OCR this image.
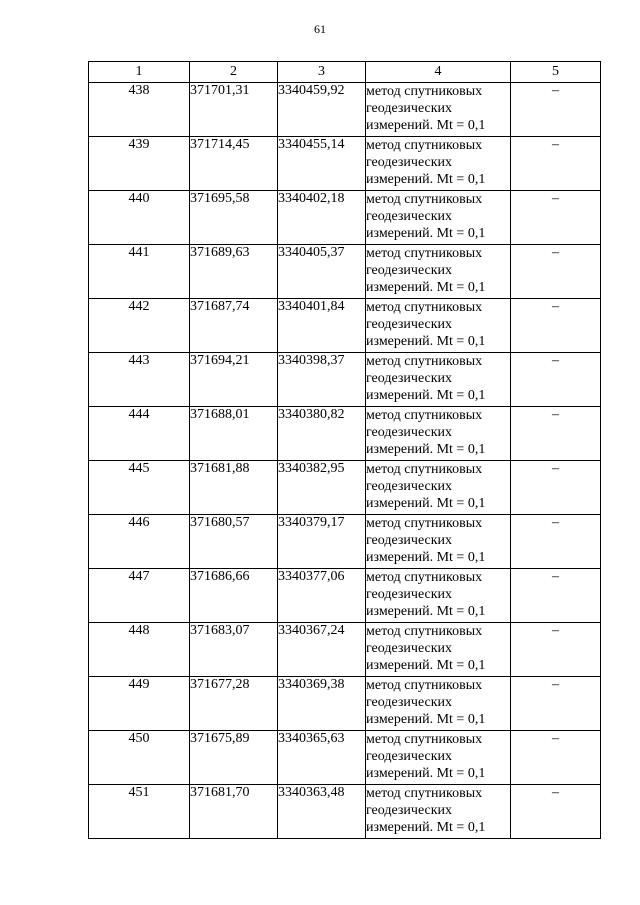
61
1	2	3	4	5
438	371701,31	3340459,92	метод спутниковых
геодезических
измерений. Mt = 0,1	–
439	371714,45	3340455,14	метод спутниковых
геодезических
измерений. Mt = 0,1	–
440	371695,58	3340402,18	метод спутниковых
геодезических
измерений. Mt = 0,1	–
441	371689,63	3340405,37	метод спутниковых
геодезических
измерений. Mt = 0,1	–
442	371687,74	3340401,84	метод спутниковых
геодезических
измерений. Mt = 0,1	–
443	371694,21	3340398,37	метод спутниковых
геодезических
измерений. Mt = 0,1	–
444	371688,01	3340380,82	метод спутниковых
геодезических
измерений. Mt = 0,1	–
445	371681,88	3340382,95	метод спутниковых
геодезических
измерений. Mt = 0,1	–
446	371680,57	3340379,17	метод спутниковых
геодезических
измерений. Mt = 0,1	–
447	371686,66	3340377,06	метод спутниковых
геодезических
измерений. Mt = 0,1	–
448	371683,07	3340367,24	метод спутниковых
геодезических
измерений. Mt = 0,1	–
449	371677,28	3340369,38	метод спутниковых
геодезических
измерений. Mt = 0,1	–
450	371675,89	3340365,63	метод спутниковых
геодезических
измерений. Mt = 0,1	–
451	371681,70	3340363,48	метод спутниковых
геодезических
измерений. Mt = 0,1	–
